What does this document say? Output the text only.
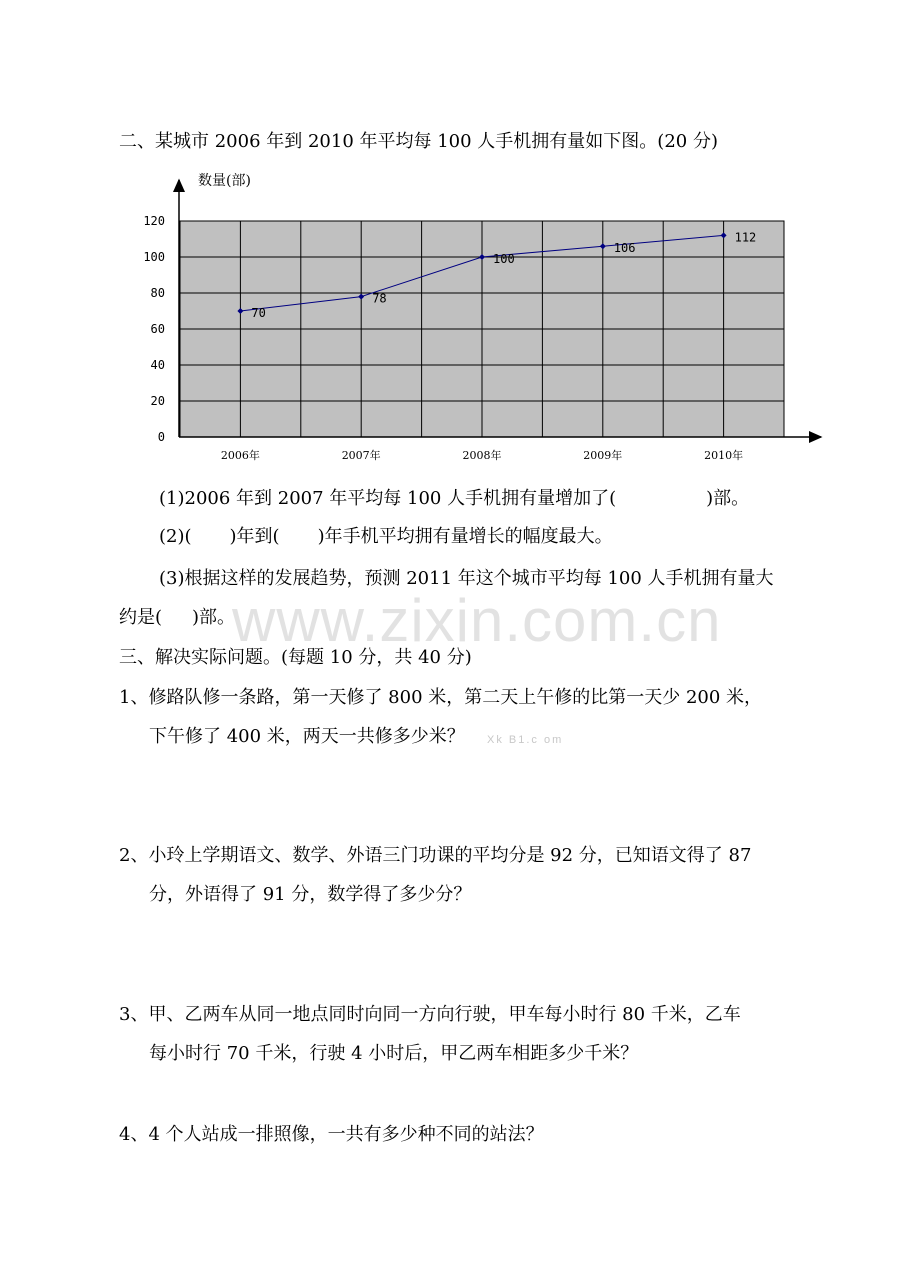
二、某城市 2006 年到 2010 年平均每 100 人手机拥有量如下图。(20 分)
数量(部)
0
20
40
60
80
100
120
2006年	2007年	2008年	2009年	2010年
70
78
100
106
112
(1)2006 年到 2007 年平均每 100 人手机拥有量增加了(	)部。
(2)( )年到( )年手机平均拥有量增长的幅度最大。
(3)根据这样的发展趋势，预测 2011 年这个城市平均每 100 人手机拥有量大
约是( )部。
www.zixin.com.cn
三、解决实际问题。(每题 10 分，共 40 分)
1、修路队修一条路，第一天修了 800 米，第二天上午修的比第一天少 200 米，
下午修了 400 米，两天一共修多少米？ Xk B1.c om
2、小玲上学期语文、数学、外语三门功课的平均分是 92 分，已知语文得了 87
分，外语得了 91 分，数学得了多少分？
3、甲、乙两车从同一地点同时向同一方向行驶，甲车每小时行 80 千米，乙车
每小时行 70 千米，行驶 4 小时后，甲乙两车相距多少千米？
4、4 个人站成一排照像，一共有多少种不同的站法？
